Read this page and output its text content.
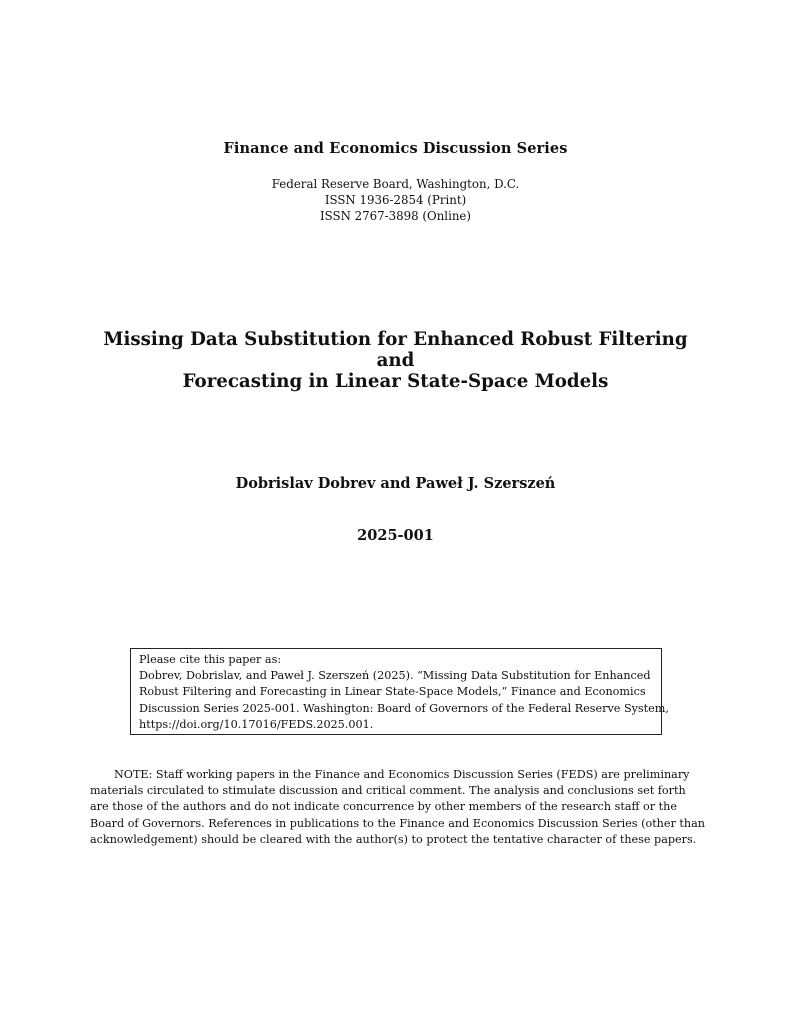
Finance and Economics Discussion Series
Federal Reserve Board, Washington, D.C.
ISSN 1936-2854 (Print)
ISSN 2767-3898 (Online)
Missing Data Substitution for Enhanced Robust Filtering and
Forecasting in Linear State-Space Models
Dobrislav Dobrev and Paweł J. Szerszeń
2025-001
Please cite this paper as:
Dobrev, Dobrislav, and Paweł J. Szerszeń (2025). “Missing Data Substitution for Enhanced
Robust Filtering and Forecasting in Linear State-Space Models,” Finance and Economics
Discussion Series 2025-001. Washington: Board of Governors of the Federal Reserve System,
https://doi.org/10.17016/FEDS.2025.001.
NOTE: Staff working papers in the Finance and Economics Discussion Series (FEDS) are preliminary
materials circulated to stimulate discussion and critical comment. The analysis and conclusions set forth
are those of the authors and do not indicate concurrence by other members of the research staff or the
Board of Governors. References in publications to the Finance and Economics Discussion Series (other than
acknowledgement) should be cleared with the author(s) to protect the tentative character of these papers.
